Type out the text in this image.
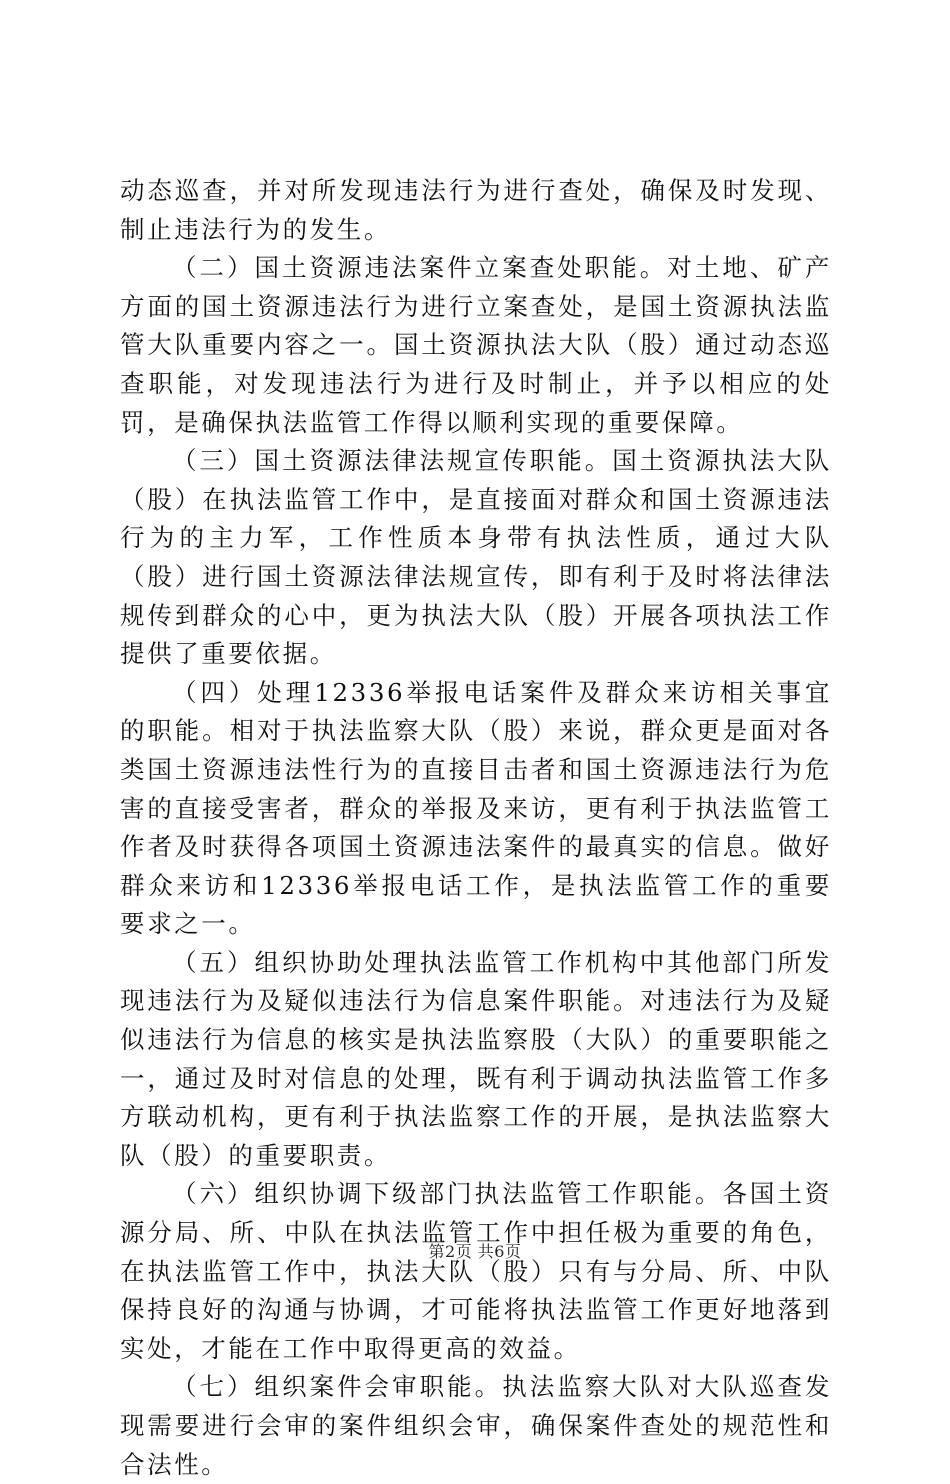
动态巡查，并对所发现违法行为进行查处，确保及时发现、制止违法行为的发生。

（二）国土资源违法案件立案查处职能。对土地、矿产方面的国土资源违法行为进行立案查处，是国土资源执法监管大队重要内容之一。国土资源执法大队（股）通过动态巡查职能，对发现违法行为进行及时制止，并予以相应的处罚，是确保执法监管工作得以顺利实现的重要保障。

（三）国土资源法律法规宣传职能。国土资源执法大队（股）在执法监管工作中，是直接面对群众和国土资源违法行为的主力军，工作性质本身带有执法性质，通过大队（股）进行国土资源法律法规宣传，即有利于及时将法律法规传到群众的心中，更为执法大队（股）开展各项执法工作提供了重要依据。

（四）处理12336举报电话案件及群众来访相关事宜的职能。相对于执法监察大队（股）来说，群众更是面对各类国土资源违法性行为的直接目击者和国土资源违法行为危害的直接受害者，群众的举报及来访，更有利于执法监管工作者及时获得各项国土资源违法案件的最真实的信息。做好群众来访和12336举报电话工作，是执法监管工作的重要要求之一。

（五）组织协助处理执法监管工作机构中其他部门所发现违法行为及疑似违法行为信息案件职能。对违法行为及疑似违法行为信息的核实是执法监察股（大队）的重要职能之一，通过及时对信息的处理，既有利于调动执法监管工作多方联动机构，更有利于执法监察工作的开展，是执法监察大队（股）的重要职责。

（六）组织协调下级部门执法监管工作职能。各国土资源分局、所、中队在执法监管工作中担任极为重要的角色，在执法监管工作中，执法大队（股）只有与分局、所、中队保持良好的沟通与协调，才可能将执法监管工作更好地落到实处，才能在工作中取得更高的效益。

（七）组织案件会审职能。执法监察大队对大队巡查发现需要进行会审的案件组织会审，确保案件查处的规范性和合法性。

第2页 共6页
